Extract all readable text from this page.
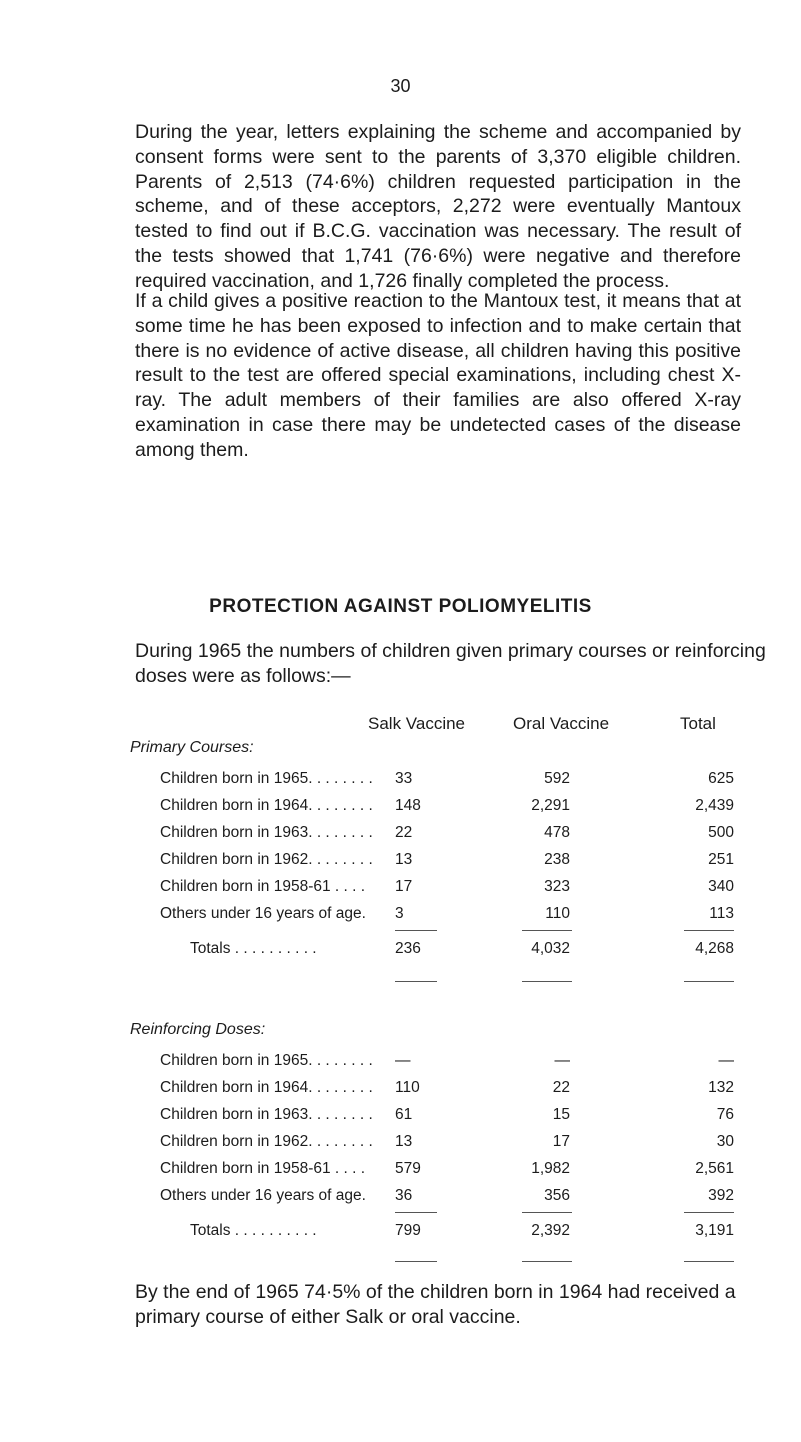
30

During the year, letters explaining the scheme and accompanied by consent forms were sent to the parents of 3,370 eligible children. Parents of 2,513 (74·6%) children requested participation in the scheme, and of these acceptors, 2,272 were eventually Mantoux tested to find out if B.C.G. vaccination was necessary. The result of the tests showed that 1,741 (76·6%) were negative and therefore required vaccination, and 1,726 finally completed the process.

If a child gives a positive reaction to the Mantoux test, it means that at some time he has been exposed to infection and to make certain that there is no evidence of active disease, all children having this positive result to the test are offered special examinations, including chest X-ray. The adult members of their families are also offered X-ray examination in case there may be undetected cases of the disease among them.

PROTECTION AGAINST POLIOMYELITIS

During 1965 the numbers of children given primary courses or reinforcing doses were as follows:—

Salk Vaccine	Oral Vaccine	Total
Primary Courses:
Children born in 1965. . . . . . . . 33	592	625
Children born in 1964. . . . . . . . 148	2,291	2,439
Children born in 1963. . . . . . . . 22	478	500
Children born in 1962. . . . . . . . 13	238	251
Children born in 1958-61 . . . . 17	323	340
Others under 16 years of age. 3	110	113
Totals . . . . . . . . . .	236	4,032	4,268
Reinforcing Doses:
Children born in 1965. . . . . . . . —	—	—
Children born in 1964. . . . . . . . 110	22	132
Children born in 1963. . . . . . . . 61	15	76
Children born in 1962. . . . . . . . 13	17	30
Children born in 1958-61 . . . . 579	1,982	2,561
Others under 16 years of age. 36	356	392
Totals . . . . . . . . . .	799	2,392	3,191

By the end of 1965 74·5% of the children born in 1964 had received a primary course of either Salk or oral vaccine.
